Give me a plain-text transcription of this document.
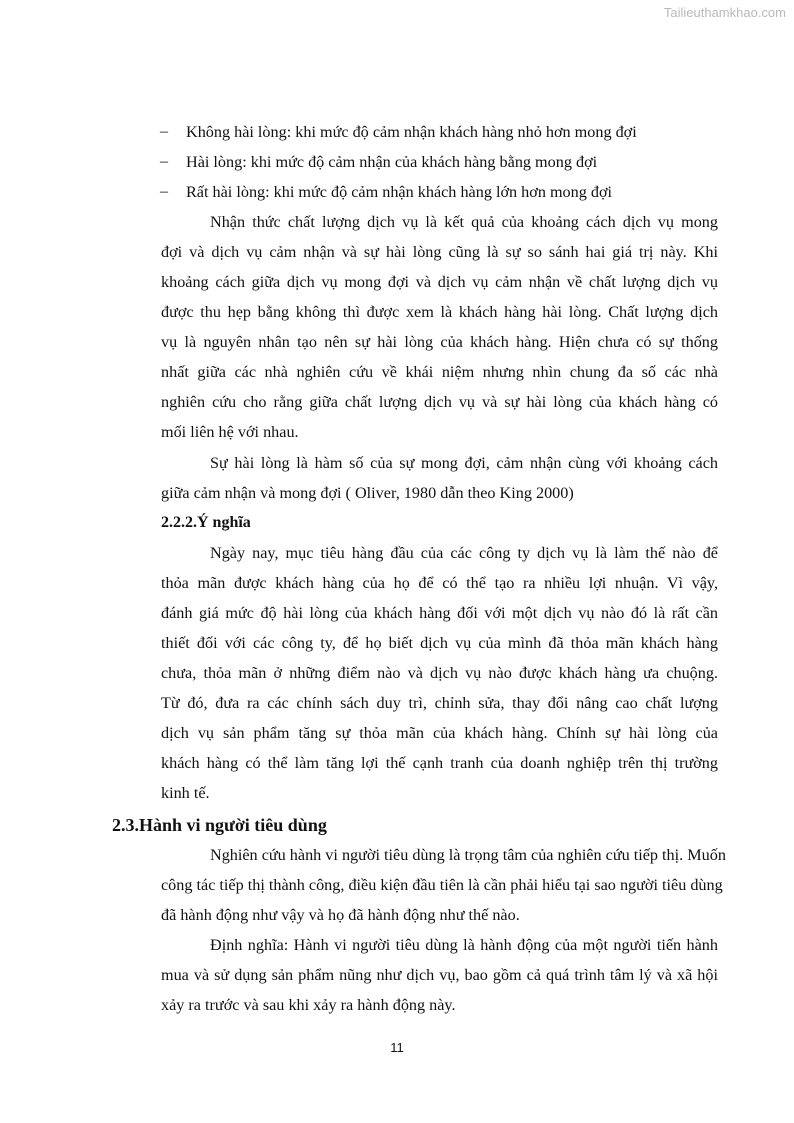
Tailieuthamkhao.com
– Không hài lòng: khi mức độ cảm nhận khách hàng nhỏ hơn mong đợi
– Hài lòng: khi mức độ cảm nhận của khách hàng bằng mong đợi
– Rất hài lòng: khi mức độ cảm nhận khách hàng lớn hơn mong đợi
Nhận thức chất lượng dịch vụ là kết quả của khoảng cách dịch vụ mong
đợi và dịch vụ cảm nhận và sự hài lòng cũng là sự so sánh hai giá trị này. Khi
khoảng cách giữa dịch vụ mong đợi và dịch vụ cảm nhận về chất lượng dịch vụ
được thu hẹp bằng không thì được xem là khách hàng hài lòng. Chất lượng dịch
vụ là nguyên nhân tạo nên sự hài lòng của khách hàng. Hiện chưa có sự thống
nhất giữa các nhà nghiên cứu về khái niệm nhưng nhìn chung đa số các nhà
nghiên cứu cho rằng giữa chất lượng dịch vụ và sự hài lòng của khách hàng có
mối liên hệ với nhau.
Sự hài lòng là hàm số của sự mong đợi, cảm nhận cùng với khoảng cách
giữa cảm nhận và mong đợi ( Oliver, 1980 dẫn theo King 2000)
Ngày nay, mục tiêu hàng đầu của các công ty dịch vụ là làm thế nào để
thỏa mãn được khách hàng của họ để có thể tạo ra nhiều lợi nhuận. Vì vậy,
đánh giá mức độ hài lòng của khách hàng đối với một dịch vụ nào đó là rất cần
thiết đối với các công ty, để họ biết dịch vụ của mình đã thỏa mãn khách hàng
chưa, thỏa mãn ở những điểm nào và dịch vụ nào được khách hàng ưa chuộng.
Từ đó, đưa ra các chính sách duy trì, chỉnh sửa, thay đổi nâng cao chất lượng
dịch vụ sản phẩm tăng sự thỏa mãn của khách hàng. Chính sự hài lòng của
khách hàng có thể làm tăng lợi thế cạnh tranh của doanh nghiệp trên thị trường
kinh tế.
Nghiên cứu hành vi người tiêu dùng là trọng tâm của nghiên cứu tiếp thị. Muốn
công tác tiếp thị thành công, điều kiện đầu tiên là cần phải hiểu tại sao người tiêu dùng
đã hành động như vậy và họ đã hành động như thế nào.
Định nghĩa: Hành vi người tiêu dùng là hành động của một người tiến hành
mua và sử dụng sản phẩm nũng như dịch vụ, bao gồm cả quá trình tâm lý và xã hội
xảy ra trước và sau khi xảy ra hành động này.
2.2.2.Ý nghĩa
2.3.Hành vi người tiêu dùng
11
